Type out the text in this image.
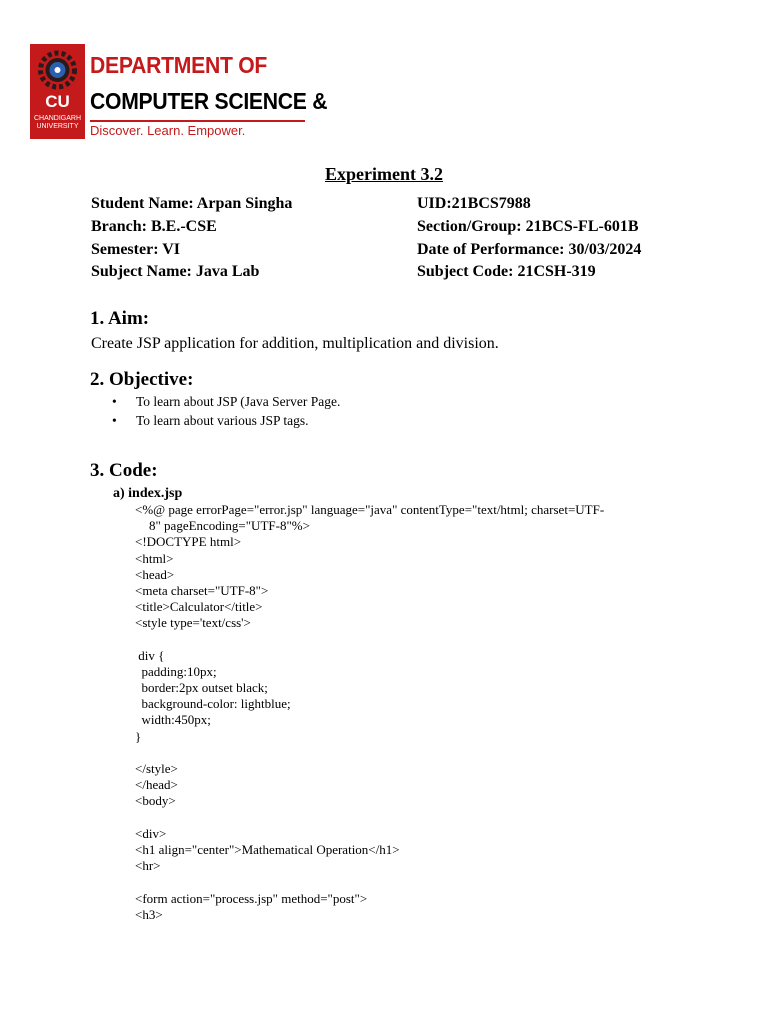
CU
CHANDIGARH
UNIVERSITY
DEPARTMENT OF
COMPUTER SCIENCE &
Discover. Learn. Empower.
Experiment 3.2
Student Name: Arpan Singha	UID:21BCS7988
Branch: B.E.-CSE	Section/Group: 21BCS-FL-601B
Semester: VI	Date of Performance: 30/03/2024
Subject Name: Java Lab	Subject Code: 21CSH-319
1. Aim:
Create JSP application for addition, multiplication and division.
2. Objective:
• To learn about JSP (Java Server Page.
• To learn about various JSP tags.
3. Code:
a) index.jsp
<%@ page errorPage="error.jsp" language="java" contentType="text/html; charset=UTF-
8" pageEncoding="UTF-8"%>
<!DOCTYPE html>
<html>
<head>
<meta charset="UTF-8">
<title>Calculator</title>
<style type='text/css'>
div {
padding:10px;
border:2px outset black;
background-color: lightblue;
width:450px;
}
</style>
</head>
<body>
<div>
<h1 align="center">Mathematical Operation</h1>
<hr>
<form action="process.jsp" method="post">
<h3>
